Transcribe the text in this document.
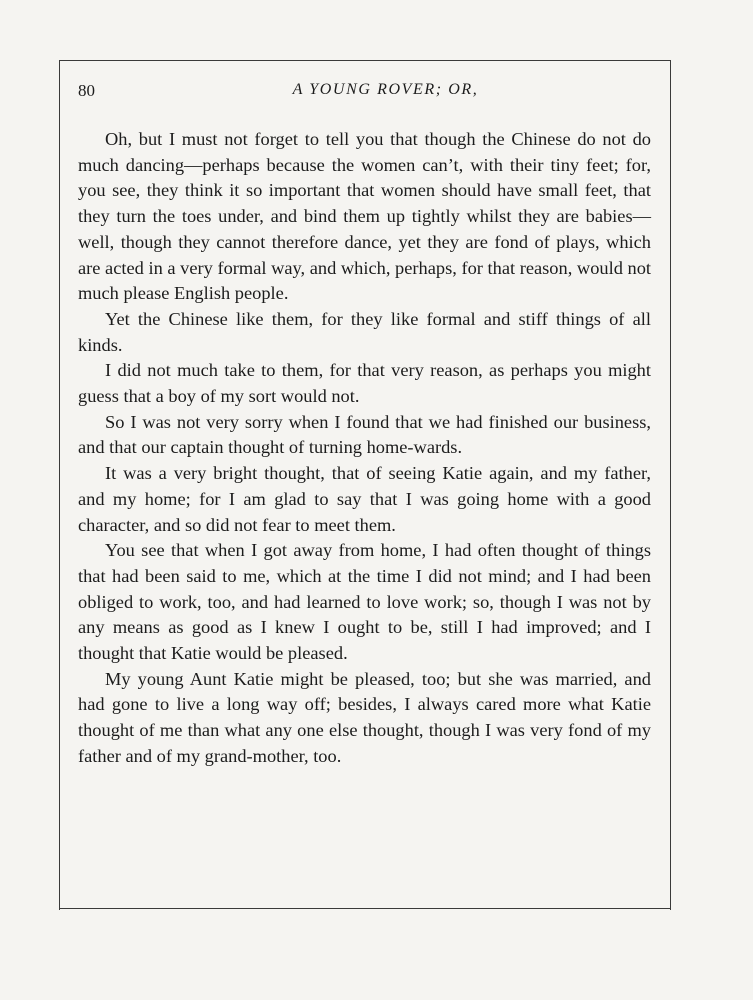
80	A YOUNG ROVER; OR,

Oh, but I must not forget to tell you that though the Chinese do not do much dancing—perhaps because the women can’t, with their tiny feet; for, you see, they think it so important that women should have small feet, that they turn the toes under, and bind them up tightly whilst they are babies—well, though they cannot therefore dance, yet they are fond of plays, which are acted in a very formal way, and which, perhaps, for that reason, would not much please English people.

Yet the Chinese like them, for they like formal and stiff things of all kinds.

I did not much take to them, for that very reason, as perhaps you might guess that a boy of my sort would not.

So I was not very sorry when I found that we had finished our business, and that our captain thought of turning home-wards.

It was a very bright thought, that of seeing Katie again, and my father, and my home; for I am glad to say that I was going home with a good character, and so did not fear to meet them.

You see that when I got away from home, I had often thought of things that had been said to me, which at the time I did not mind; and I had been obliged to work, too, and had learned to love work; so, though I was not by any means as good as I knew I ought to be, still I had improved; and I thought that Katie would be pleased.

My young Aunt Katie might be pleased, too; but she was married, and had gone to live a long way off; besides, I always cared more what Katie thought of me than what any one else thought, though I was very fond of my father and of my grand-mother, too.
